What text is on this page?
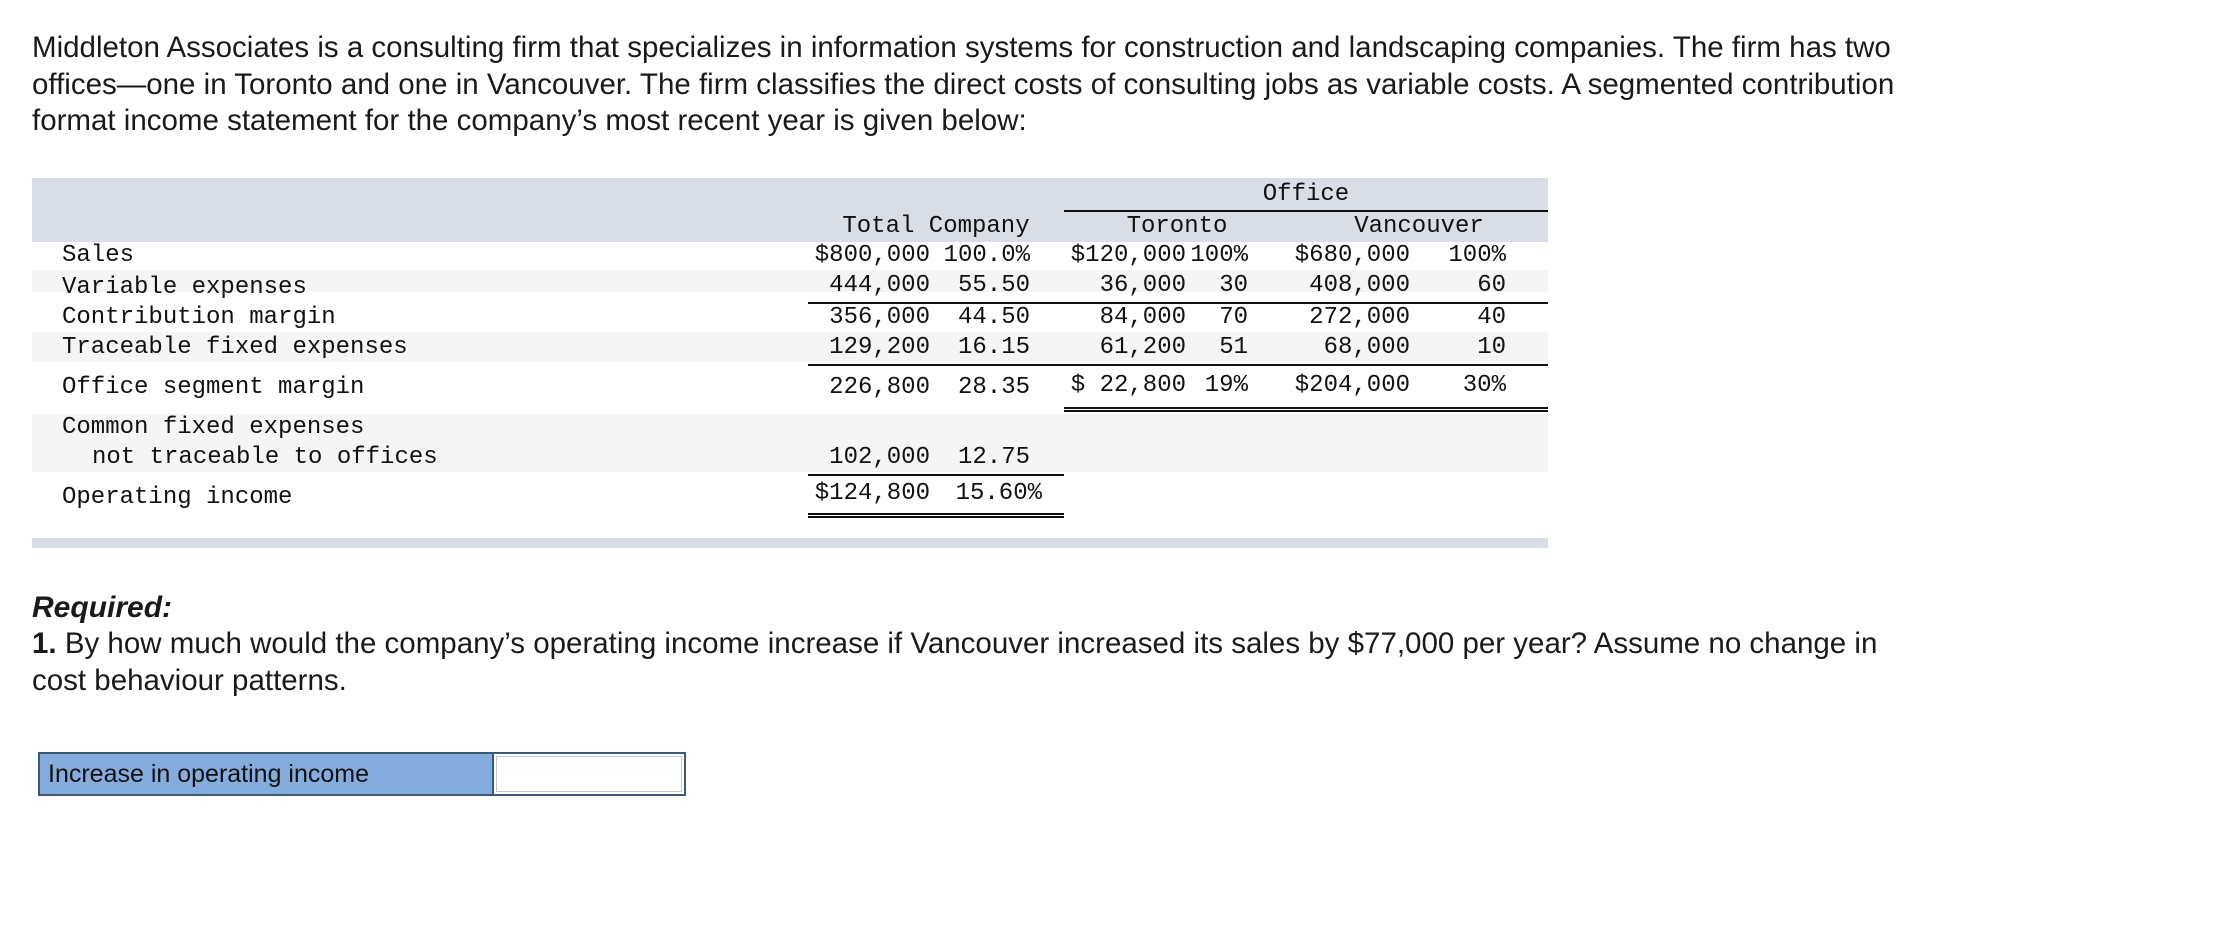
Middleton Associates is a consulting firm that specializes in information systems for construction and landscaping companies. The firm has two offices—one in Toronto and one in Vancouver. The firm classifies the direct costs of consulting jobs as variable costs. A segmented contribution format income statement for the company’s most recent year is given below:

Office
Total Company	Toronto	Vancouver
Sales	$800,000 100.0%	$120,000 100%	$680,000	100%
Variable expenses	444,000	55.50	36,000	30	408,000	60
Contribution margin	356,000	44.50	84,000	70	272,000	40
Traceable fixed expenses	129,200	16.15	61,200	51	68,000	10
Office segment margin	226,800	28.35	$ 22,800 19%	$204,000	30%
Common fixed expenses
not traceable to offices	102,000	12.75
Operating income	$124,800	15.60%

Required:

1. By how much would the company’s operating income increase if Vancouver increased its sales by $77,000 per year? Assume no change in cost behaviour patterns.

Increase in operating income
